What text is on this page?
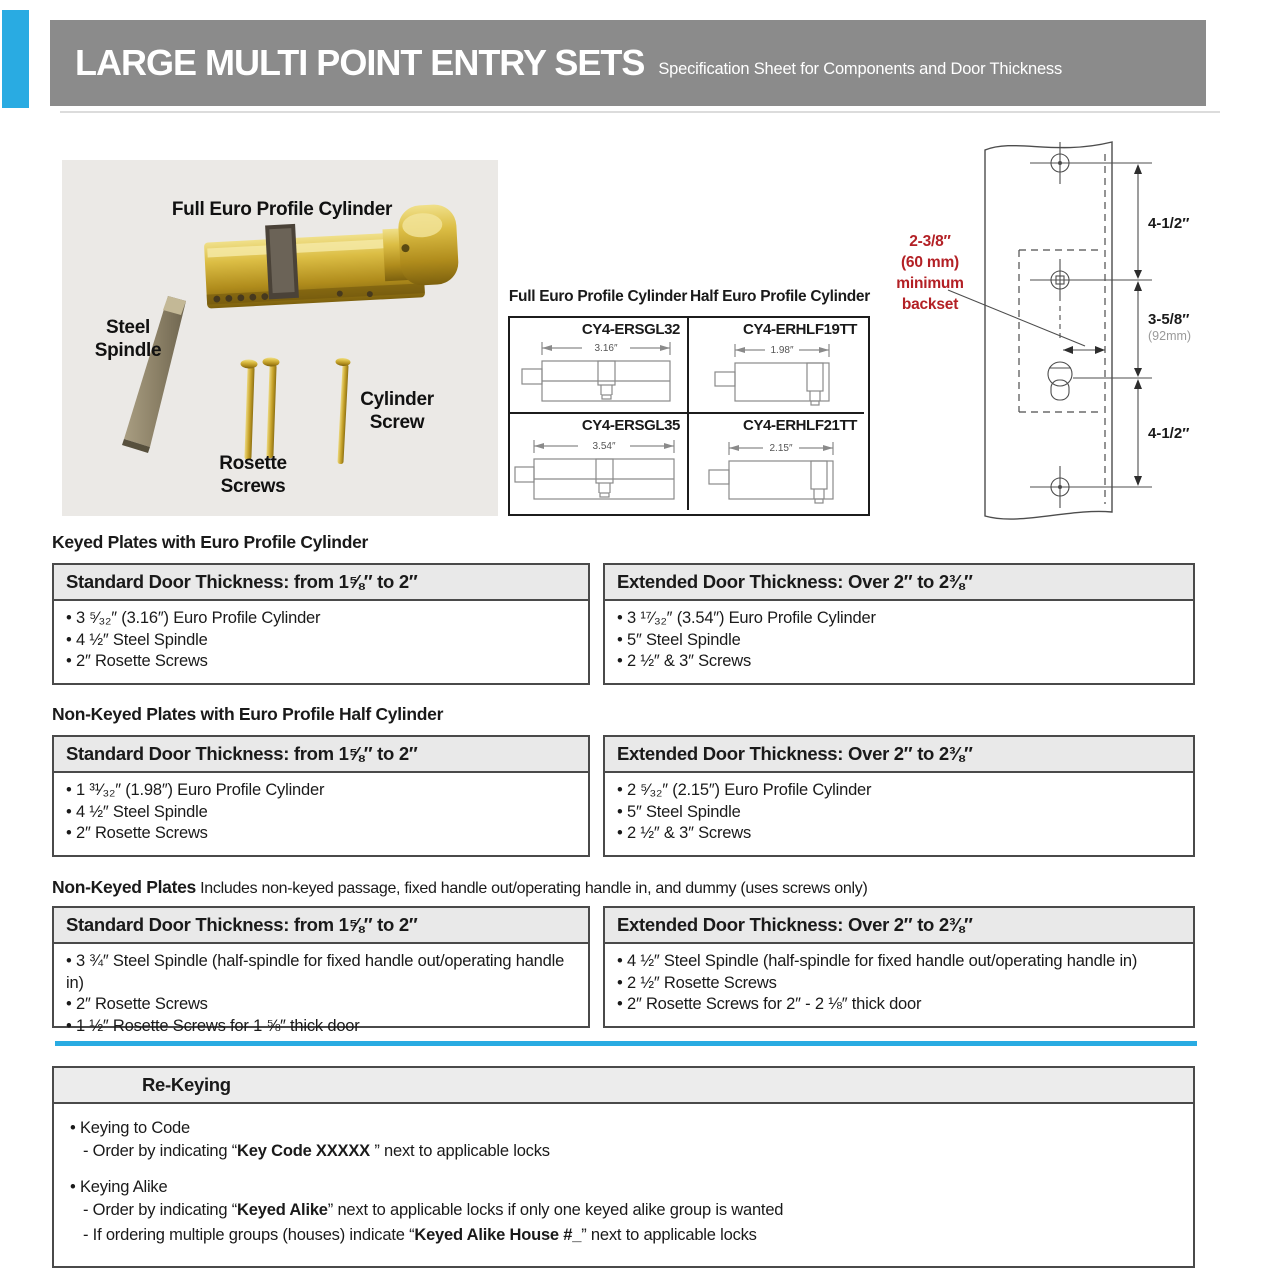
LARGE MULTI POINT ENTRY SETS Specification Sheet for Components and Door Thickness
Full Euro Profile Cylinder
Steel Spindle
Rosette Screws
Cylinder Screw
Full Euro Profile Cylinder Half Euro Profile Cylinder
CY4-ERSGL32
3.16″
CY4-ERHLF19TT
1.98″
CY4-ERSGL35
3.54″
CY4-ERHLF21TT
2.15″
4-1/2″
3-5/8″
(92mm)
4-1/2″
2-3/8″
(60 mm)
minimum
backset
Keyed Plates with Euro Profile Cylinder
Standard Door Thickness: from 1⅝″ to 2″
• 3 ⁵⁄₃₂″ (3.16″) Euro Profile Cylinder
• 4 ½″ Steel Spindle
• 2″ Rosette Screws
Extended Door Thickness: Over 2″ to 2⅜″
• 3 ¹⁷⁄₃₂″ (3.54″) Euro Profile Cylinder
• 5″ Steel Spindle
• 2 ½″ & 3″ Screws
Non-Keyed Plates with Euro Profile Half Cylinder
Standard Door Thickness: from 1⅝″ to 2″
• 1 ³¹⁄₃₂″ (1.98″) Euro Profile Cylinder
• 4 ½″ Steel Spindle
• 2″ Rosette Screws
Extended Door Thickness: Over 2″ to 2⅜″
• 2 ⁵⁄₃₂″ (2.15″) Euro Profile Cylinder
• 5″ Steel Spindle
• 2 ½″ & 3″ Screws
Non-Keyed Plates Includes non-keyed passage, fixed handle out/operating handle in, and dummy (uses screws only)
Standard Door Thickness: from 1⅝″ to 2″
• 3 ¾″ Steel Spindle (half-spindle for fixed handle out/operating handle in)
• 2″ Rosette Screws
• 1 ½″ Rosette Screws for 1 ⅝″ thick door
Extended Door Thickness: Over 2″ to 2⅜″
• 4 ½″ Steel Spindle (half-spindle for fixed handle out/operating handle in)
• 2 ½″ Rosette Screws
• 2″ Rosette Screws for 2″ - 2 ⅛″ thick door
Re-Keying
• Keying to Code
- Order by indicating “Key Code XXXXX ” next to applicable locks
• Keying Alike
- Order by indicating “Keyed Alike” next to applicable locks if only one keyed alike group is wanted
- If ordering multiple groups (houses) indicate “Keyed Alike House #_” next to applicable locks
